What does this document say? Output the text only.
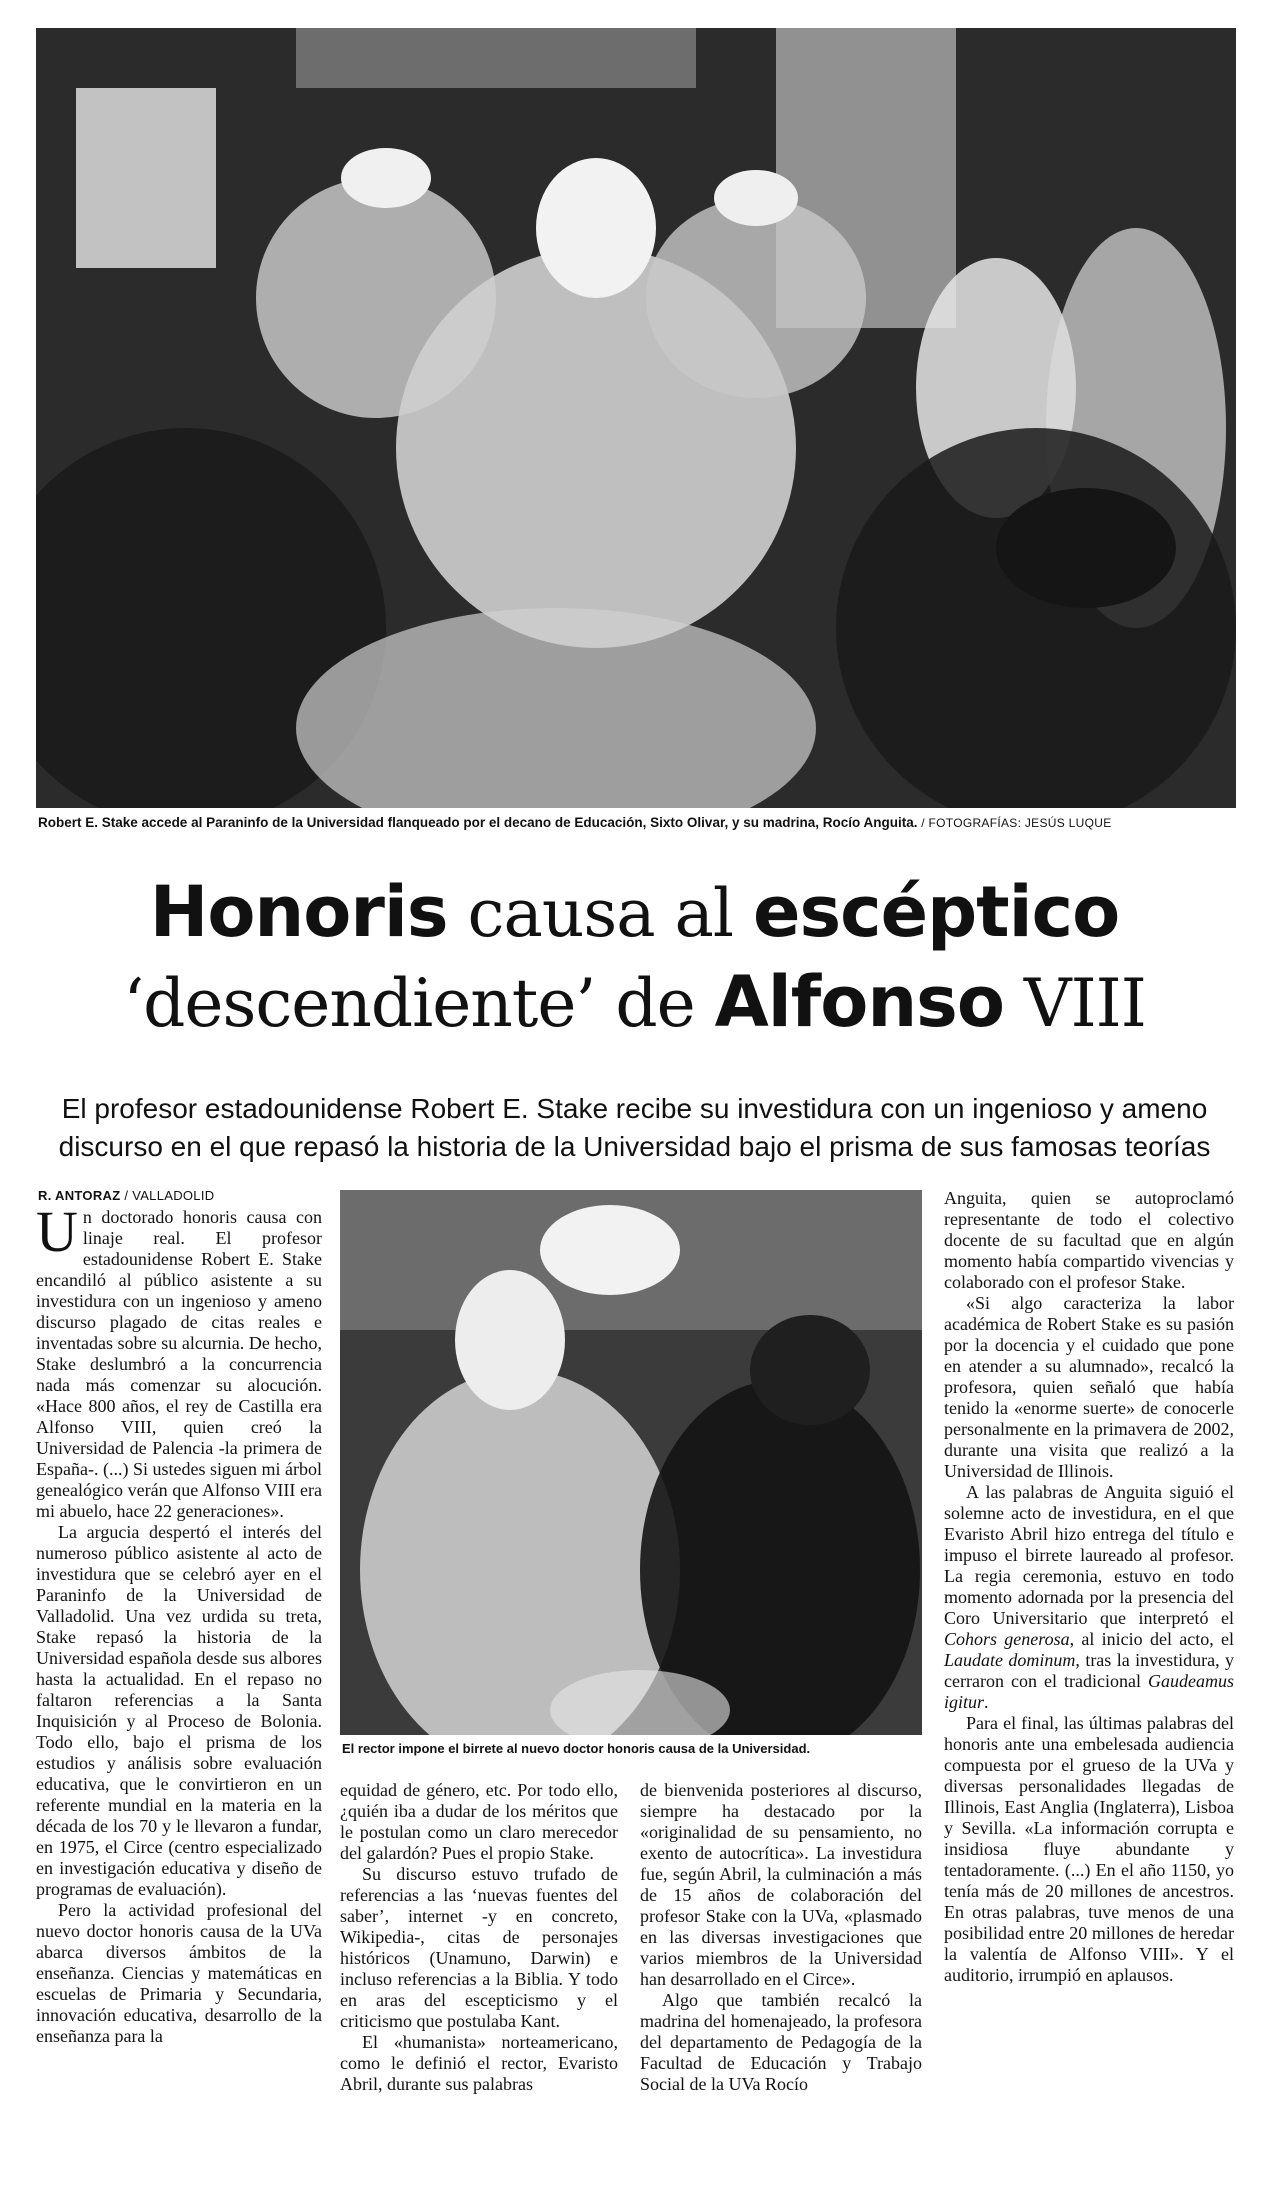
Robert E. Stake accede al Paraninfo de la Universidad flanqueado por el decano de Educación, Sixto Olivar, y su madrina, Rocío Anguita. / FOTOGRAFÍAS: JESÚS LUQUE
Honoris causa al escéptico
‘descendiente’ de Alfonso VIII
El profesor estadounidense Robert E. Stake recibe su investidura con un ingenioso y ameno
discurso en el que repasó la historia de la Universidad bajo el prisma de sus famosas teorías
R. ANTORAZ / VALLADOLID

Un doctorado honoris causa con linaje real. El profesor estadounidense Robert E. Stake encandiló al público asistente a su investidura con un ingenioso y ameno discurso plagado de citas reales e inventadas sobre su alcurnia. De hecho, Stake deslumbró a la concurrencia nada más comenzar su alocución. «Hace 800 años, el rey de Castilla era Alfonso VIII, quien creó la Universidad de Palencia -la primera de España-. (...) Si ustedes siguen mi árbol genealógico verán que Alfonso VIII era mi abuelo, hace 22 generaciones».

La argucia despertó el interés del numeroso público asistente al acto de investidura que se celebró ayer en el Paraninfo de la Universidad de Valladolid. Una vez urdida su treta, Stake repasó la historia de la Universidad española desde sus albores hasta la actualidad. En el repaso no faltaron referencias a la Santa Inquisición y al Proceso de Bolonia. Todo ello, bajo el prisma de los estudios y análisis sobre evaluación educativa, que le convirtieron en un referente mundial en la materia en la década de los 70 y le llevaron a fundar, en 1975, el Circe (centro especializado en investigación educativa y diseño de programas de evaluación).

Pero la actividad profesional del nuevo doctor honoris causa de la UVa abarca diversos ámbitos de la enseñanza. Ciencias y matemáticas en escuelas de Primaria y Secundaria, innovación educativa, desarrollo de la enseñanza para la

El rector impone el birrete al nuevo doctor honoris causa de la Universidad.

equidad de género, etc. Por todo ello, ¿quién iba a dudar de los méritos que le postulan como un claro merecedor del galardón? Pues el propio Stake.

Su discurso estuvo trufado de referencias a las ‘nuevas fuentes del saber’, internet -y en concreto, Wikipedia-, citas de personajes históricos (Unamuno, Darwin) e incluso referencias a la Biblia. Y todo en aras del escepticismo y el criticismo que postulaba Kant.

El «humanista» norteamericano, como le definió el rector, Evaristo Abril, durante sus palabras

de bienvenida posteriores al discurso, siempre ha destacado por la «originalidad de su pensamiento, no exento de autocrítica». La investidura fue, según Abril, la culminación a más de 15 años de colaboración del profesor Stake con la UVa, «plasmado en las diversas investigaciones que varios miembros de la Universidad han desarrollado en el Circe».

Algo que también recalcó la madrina del homenajeado, la profesora del departamento de Pedagogía de la Facultad de Educación y Trabajo Social de la UVa Rocío

Anguita, quien se autoproclamó representante de todo el colectivo docente de su facultad que en algún momento había compartido vivencias y colaborado con el profesor Stake.

«Si algo caracteriza la labor académica de Robert Stake es su pasión por la docencia y el cuidado que pone en atender a su alumnado», recalcó la profesora, quien señaló que había tenido la «enorme suerte» de conocerle personalmente en la primavera de 2002, durante una visita que realizó a la Universidad de Illinois.

A las palabras de Anguita siguió el solemne acto de investidura, en el que Evaristo Abril hizo entrega del título e impuso el birrete laureado al profesor. La regia ceremonia, estuvo en todo momento adornada por la presencia del Coro Universitario que interpretó el Cohors generosa, al inicio del acto, el Laudate dominum, tras la investidura, y cerraron con el tradicional Gaudeamus igitur.

Para el final, las últimas palabras del honoris ante una embelesada audiencia compuesta por el grueso de la UVa y diversas personalidades llegadas de Illinois, East Anglia (Inglaterra), Lisboa y Sevilla. «La información corrupta e insidiosa fluye abundante y tentadoramente. (...) En el año 1150, yo tenía más de 20 millones de ancestros. En otras palabras, tuve menos de una posibilidad entre 20 millones de heredar la valentía de Alfonso VIII». Y el auditorio, irrumpió en aplausos.
